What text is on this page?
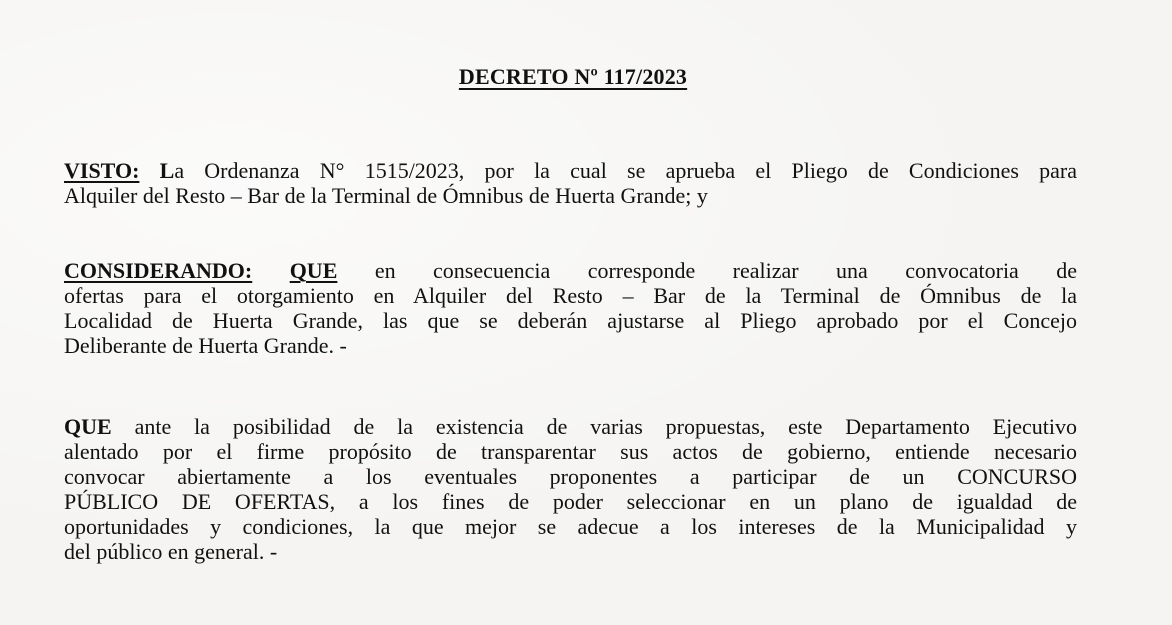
DECRETO Nº 117/2023

VISTO: La Ordenanza N° 1515/2023, por la cual se aprueba el Pliego de Condiciones para
Alquiler del Resto – Bar de la Terminal de Ómnibus de Huerta Grande; y

CONSIDERANDO: QUE en consecuencia corresponde realizar una convocatoria de
ofertas para el otorgamiento en Alquiler del Resto – Bar de la Terminal de Ómnibus de la
Localidad de Huerta Grande, las que se deberán ajustarse al Pliego aprobado por el Concejo
Deliberante de Huerta Grande. -

QUE ante la posibilidad de la existencia de varias propuestas, este Departamento Ejecutivo
alentado por el firme propósito de transparentar sus actos de gobierno, entiende necesario
convocar abiertamente a los eventuales proponentes a participar de un CONCURSO
PÚBLICO DE OFERTAS, a los fines de poder seleccionar en un plano de igualdad de
oportunidades y condiciones, la que mejor se adecue a los intereses de la Municipalidad y
del público en general. -
